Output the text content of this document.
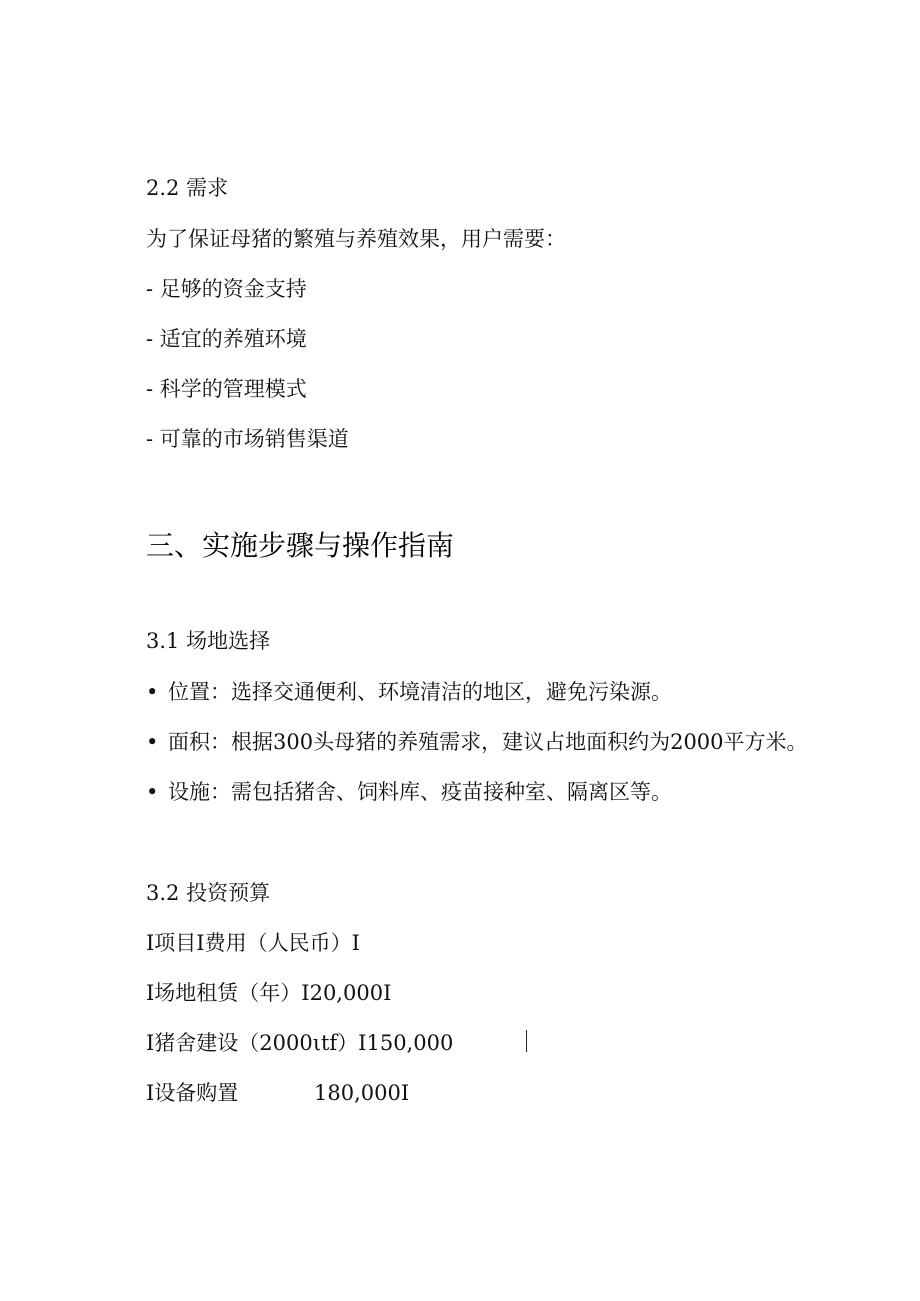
2.2 需求
为了保证母猪的繁殖与养殖效果，用户需要：
- 足够的资金支持
- 适宜的养殖环境
- 科学的管理模式
- 可靠的市场销售渠道
三、实施步骤与操作指南
3.1 场地选择
• 位置：选择交通便利、环境清洁的地区，避免污染源。
• 面积：根据300头母猪的养殖需求，建议占地面积约为2000平方米。
• 设施：需包括猪舍、饲料库、疫苗接种室、隔离区等。
3.2 投资预算
I项目I费用（人民币）I
I场地租赁（年）I20,000I
I猪舍建设（2000ιtf）I150,000
I设备购置	180,000I
